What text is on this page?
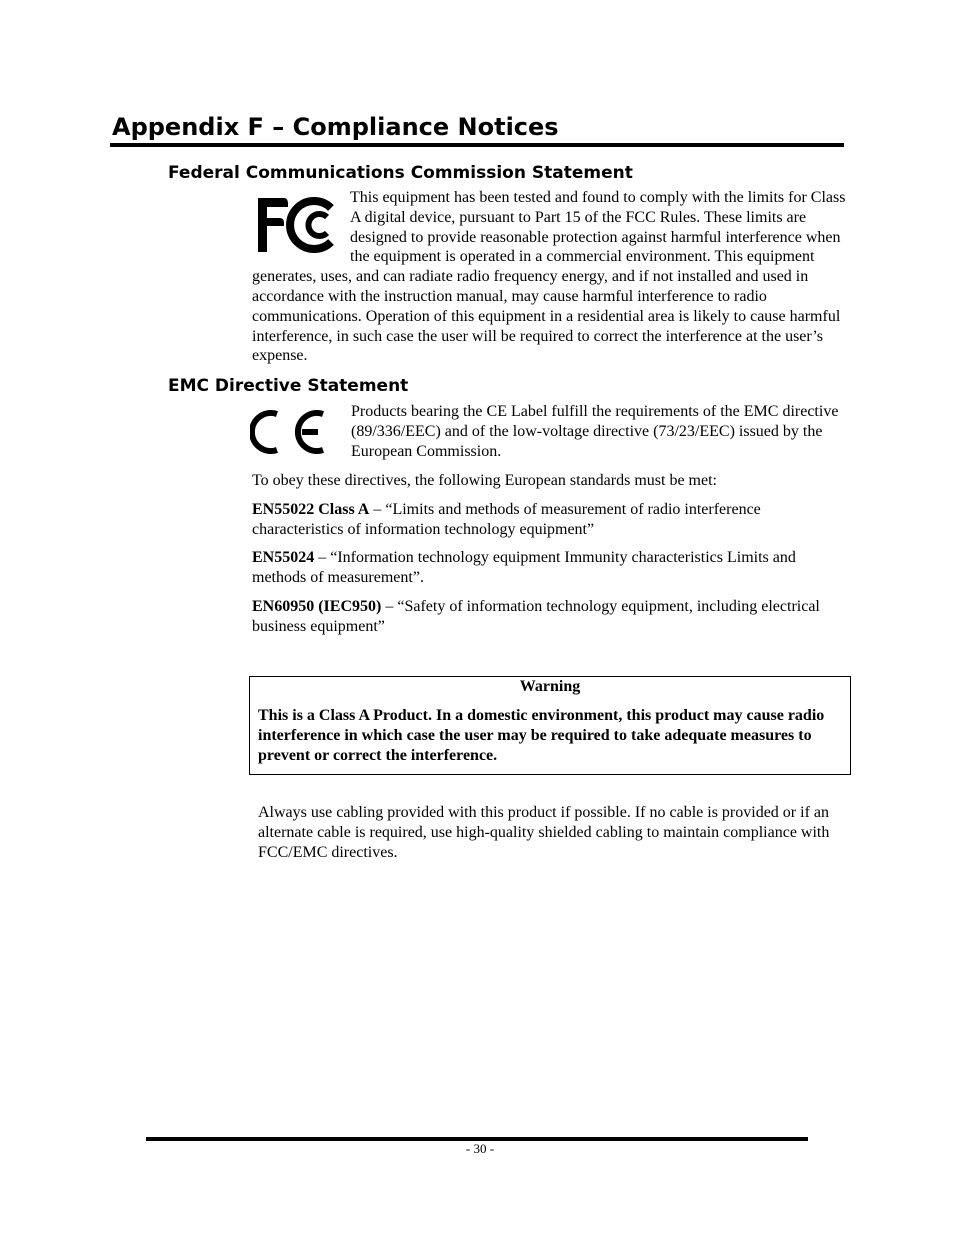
Appendix F – Compliance Notices
Federal Communications Commission Statement

This equipment has been tested and found to comply with the limits for Class A digital device, pursuant to Part 15 of the FCC Rules. These limits are designed to provide reasonable protection against harmful interference when the equipment is operated in a commercial environment. This equipment generates, uses, and can radiate radio frequency energy, and if not installed and used in accordance with the instruction manual, may cause harmful interference to radio communications. Operation of this equipment in a residential area is likely to cause harmful interference, in such case the user will be required to correct the interference at the user’s expense.

EMC Directive Statement

Products bearing the CE Label fulfill the requirements of the EMC directive (89/336/EEC) and of the low-voltage directive (73/23/EEC) issued by the European Commission.

To obey these directives, the following European standards must be met:

EN55022 Class A – “Limits and methods of measurement of radio interference characteristics of information technology equipment”

EN55024 – “Information technology equipment Immunity characteristics Limits and methods of measurement”.

EN60950 (IEC950) – “Safety of information technology equipment, including electrical business equipment”

Warning

This is a Class A Product. In a domestic environment, this product may cause radio interference in which case the user may be required to take adequate measures to prevent or correct the interference.

Always use cabling provided with this product if possible. If no cable is provided or if an alternate cable is required, use high-quality shielded cabling to maintain compliance with FCC/EMC directives.

- 30 -
